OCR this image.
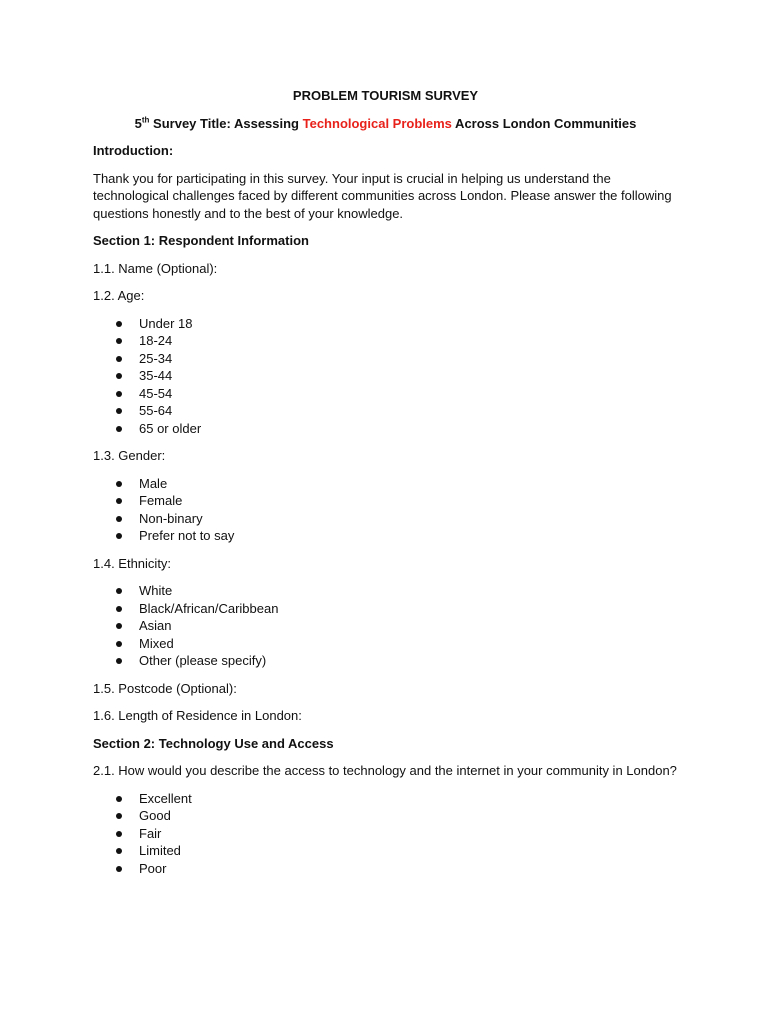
PROBLEM TOURISM SURVEY

5th Survey Title: Assessing Technological Problems Across London Communities

Introduction:

Thank you for participating in this survey. Your input is crucial in helping us understand the technological challenges faced by different communities across London. Please answer the following questions honestly and to the best of your knowledge.

Section 1: Respondent Information

1.1. Name (Optional):

1.2. Age:

Under 18
18-24
25-34
35-44
45-54
55-64
65 or older

1.3. Gender:

Male
Female
Non-binary
Prefer not to say

1.4. Ethnicity:

White
Black/African/Caribbean
Asian
Mixed
Other (please specify)

1.5. Postcode (Optional):

1.6. Length of Residence in London:

Section 2: Technology Use and Access

2.1. How would you describe the access to technology and the internet in your community in London?

Excellent
Good
Fair
Limited
Poor
